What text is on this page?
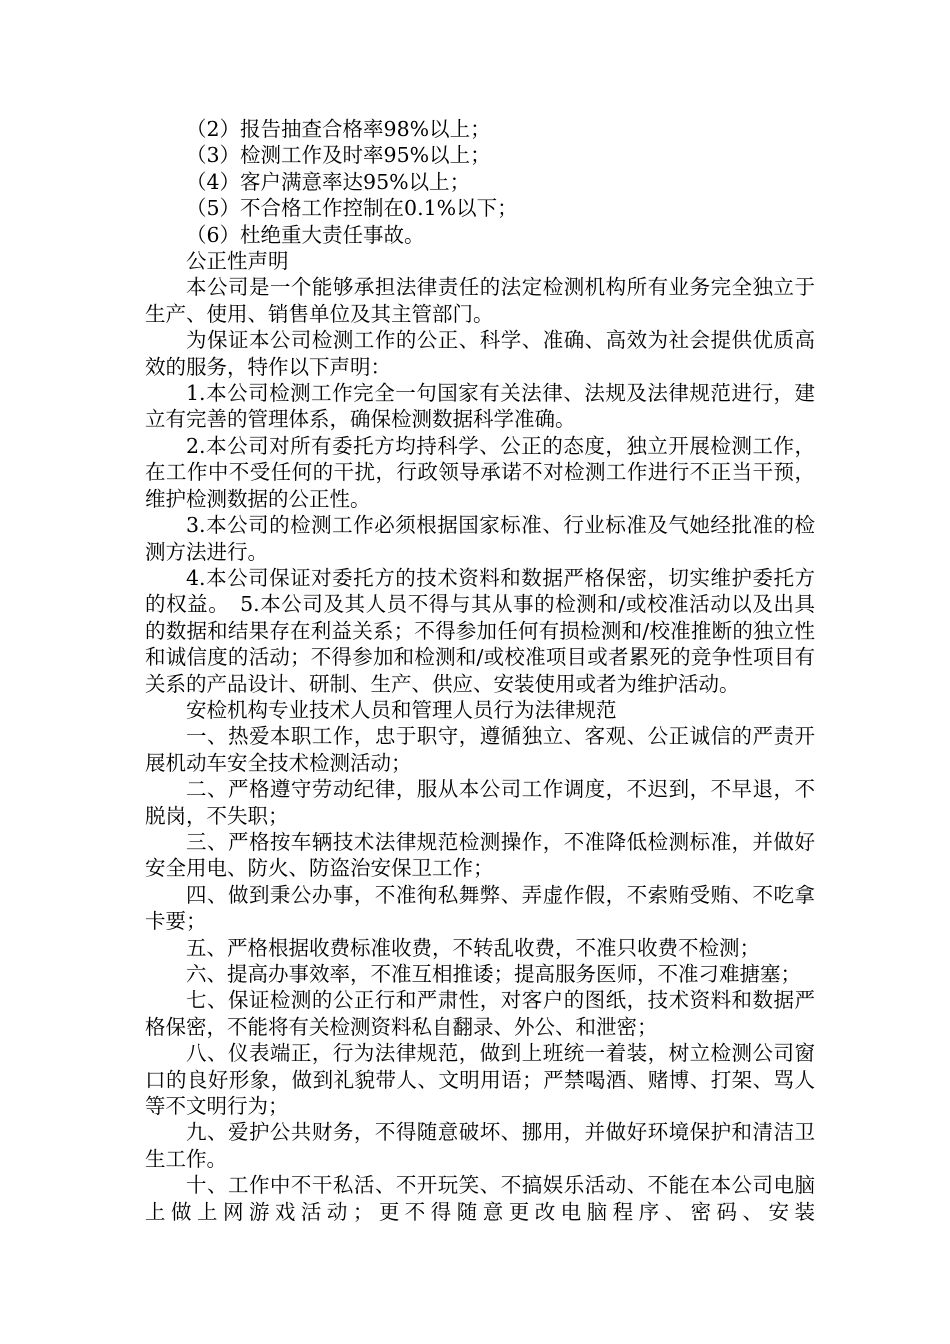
（2）报告抽查合格率98%以上；

（3）检测工作及时率95%以上；

（4）客户满意率达95%以上；

（5）不合格工作控制在0.1%以下；

（6）杜绝重大责任事故。

公正性声明

本公司是一个能够承担法律责任的法定检测机构所有业务完全独立于生产、使用、销售单位及其主管部门。

为保证本公司检测工作的公正、科学、准确、高效为社会提供优质高效的服务，特作以下声明：

1.本公司检测工作完全一句国家有关法律、法规及法律规范进行，建立有完善的管理体系，确保检测数据科学准确。

2.本公司对所有委托方均持科学、公正的态度，独立开展检测工作，在工作中不受任何的干扰，行政领导承诺不对检测工作进行不正当干预，维护检测数据的公正性。

3.本公司的检测工作必须根据国家标准、行业标准及气她经批准的检测方法进行。

4.本公司保证对委托方的技术资料和数据严格保密，切实维护委托方的权益。　5.本公司及其人员不得与其从事的检测和/或校准活动以及出具的数据和结果存在利益关系；不得参加任何有损检测和/校准推断的独立性和诚信度的活动；不得参加和检测和/或校准项目或者累死的竞争性项目有关系的产品设计、研制、生产、供应、安装使用或者为维护活动。

安检机构专业技术人员和管理人员行为法律规范

一、热爱本职工作，忠于职守，遵循独立、客观、公正诚信的严责开展机动车安全技术检测活动；

二、严格遵守劳动纪律，服从本公司工作调度，不迟到，不早退，不脱岗，不失职；

三、严格按车辆技术法律规范检测操作，不准降低检测标准，并做好安全用电、防火、防盗治安保卫工作；

四、做到秉公办事，不准徇私舞弊、弄虚作假，不索贿受贿、不吃拿卡要；

五、严格根据收费标准收费，不转乱收费，不准只收费不检测；

六、提高办事效率，不准互相推诿；提高服务医师，不准刁难搪塞；

七、保证检测的公正行和严肃性，对客户的图纸，技术资料和数据严格保密，不能将有关检测资料私自翻录、外公、和泄密；

八、仪表端正，行为法律规范，做到上班统一着装，树立检测公司窗口的良好形象，做到礼貌带人、文明用语；严禁喝酒、赌博、打架、骂人等不文明行为；

九、爱护公共财务，不得随意破坏、挪用，并做好环境保护和清洁卫生工作。

十、工作中不干私活、不开玩笑、不搞娱乐活动、不能在本公司电脑上做上网游戏活动；更不得随意更改电脑程序、密码、安装
